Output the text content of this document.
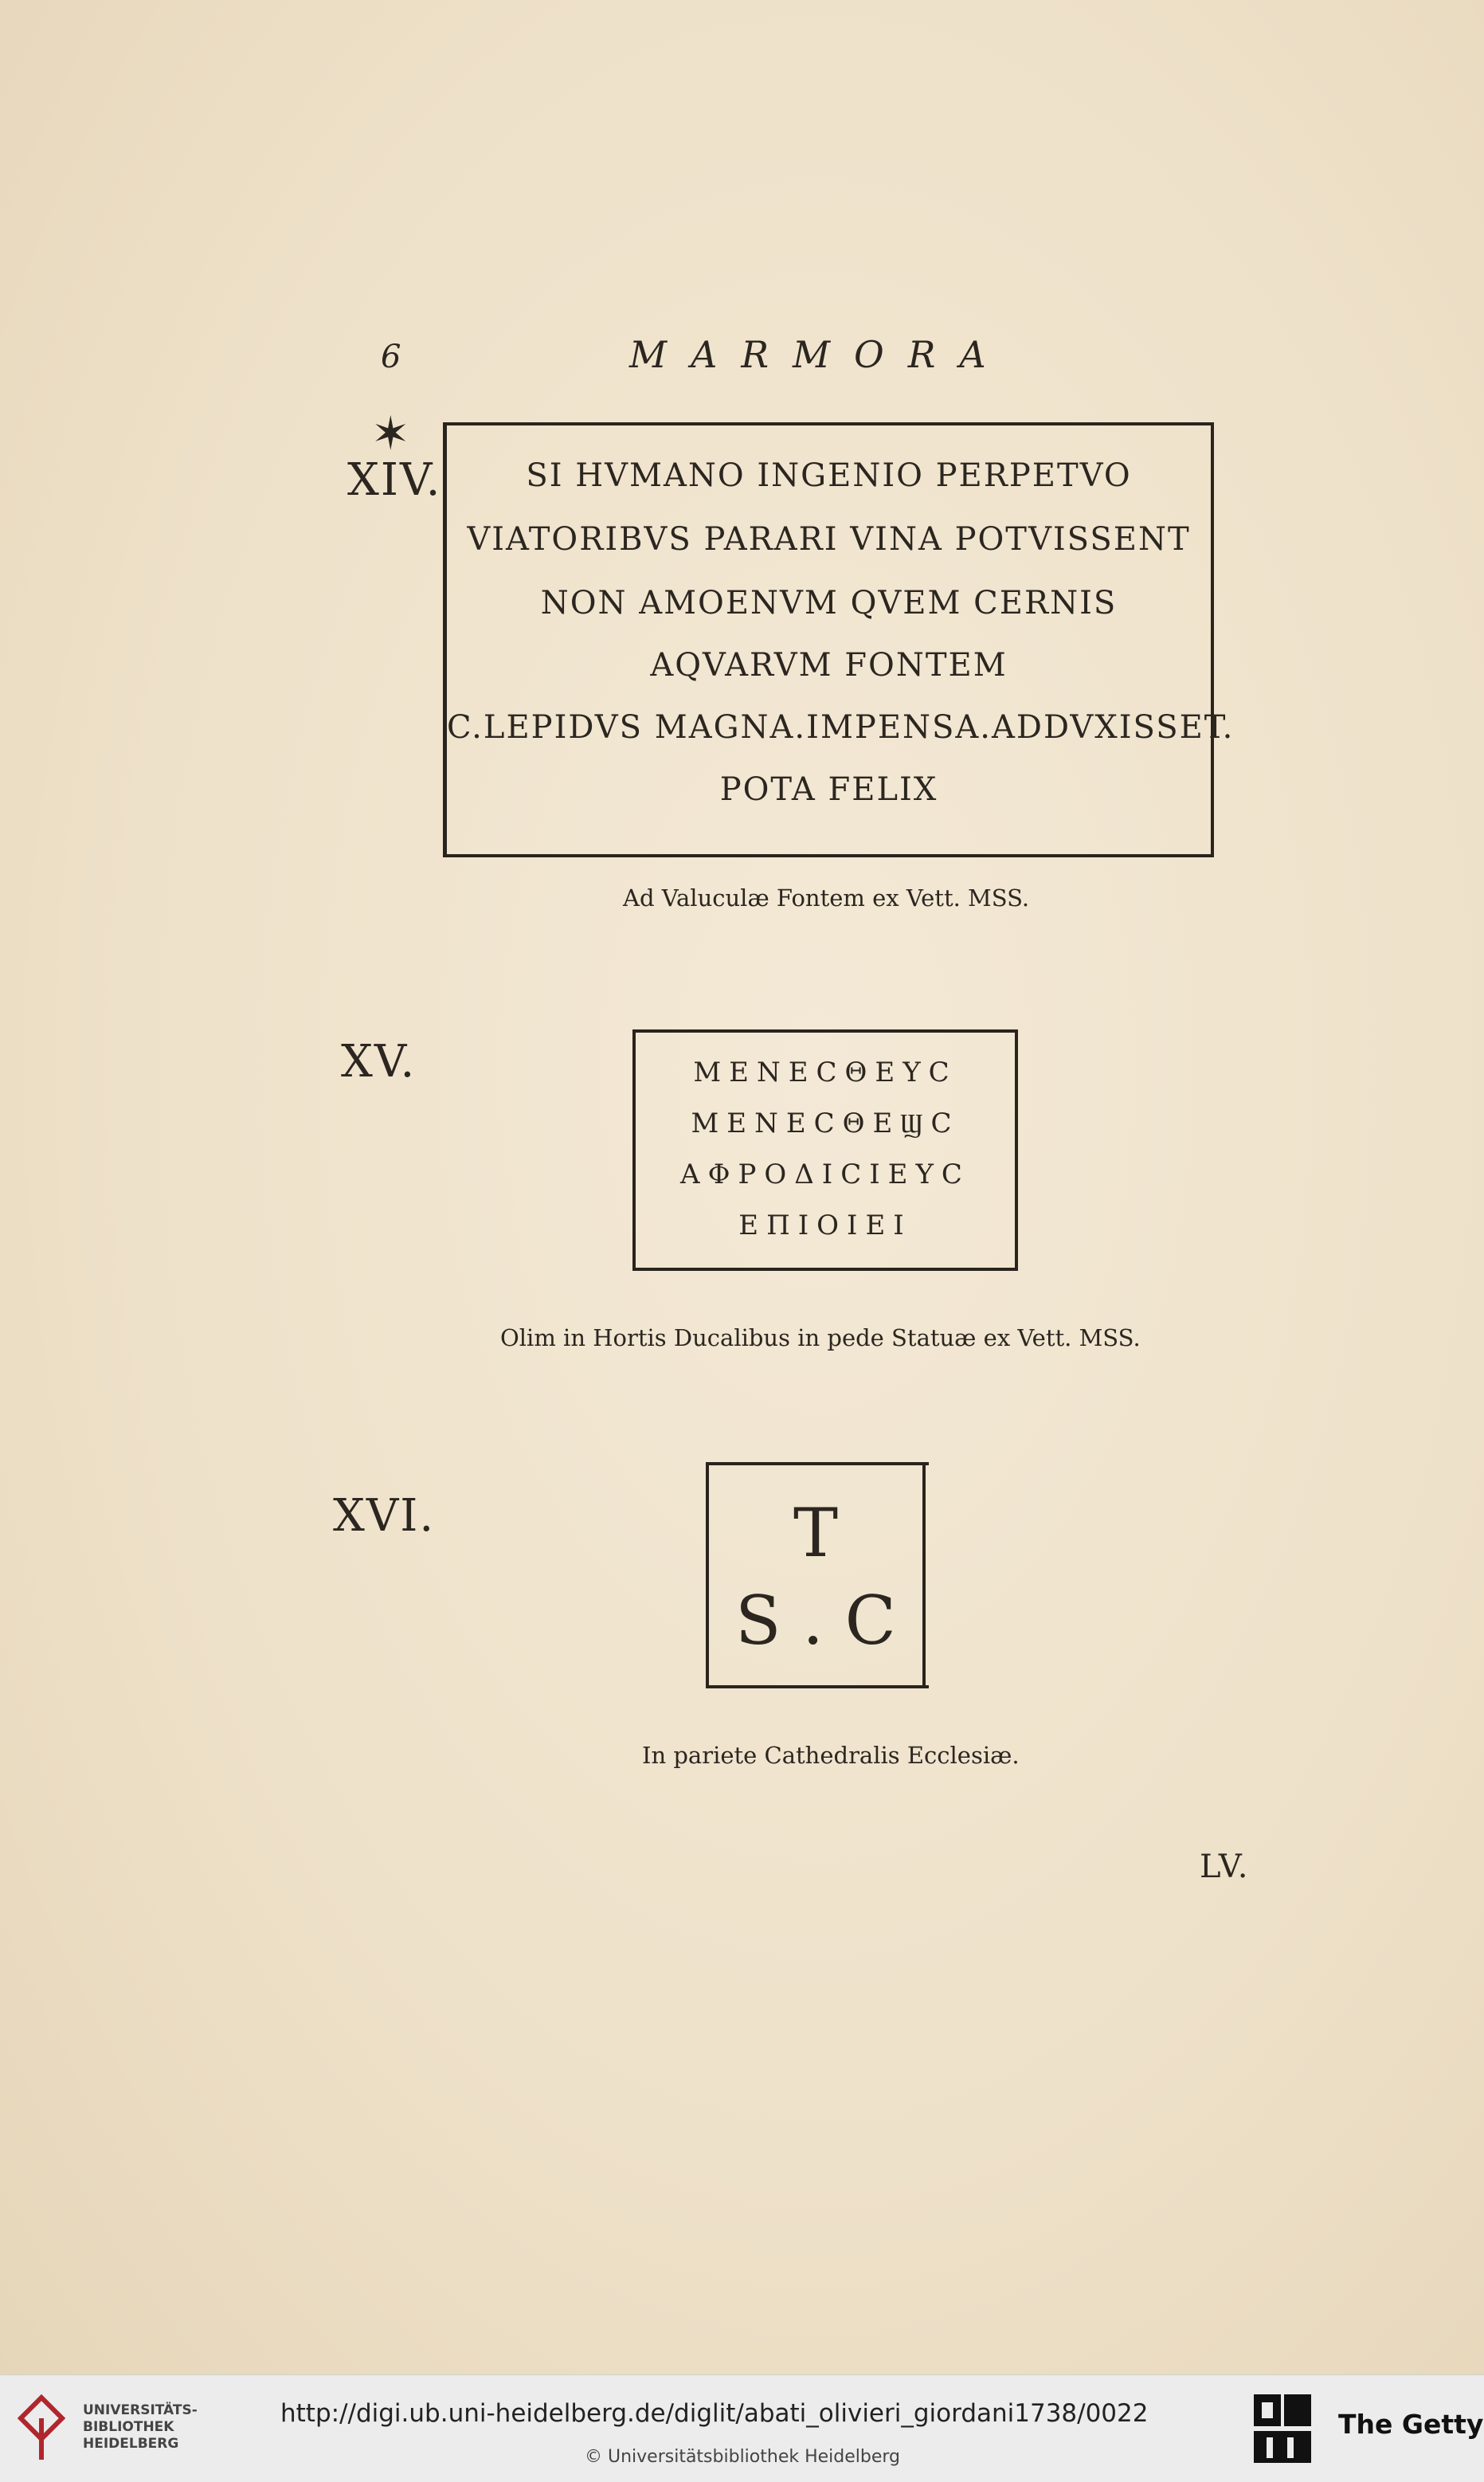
6	MARMORA
✶
XIV.	SI HVMANO INGENIO PERPETVO
VIATORIBVS PARARI VINA POTVISSENT
NON AMOENVM QVEM CERNIS
AQVARVM FONTEM
C.LEPIDVS MAGNA.IMPENSA.ADDVXISSET.
POTA FELIX
Ad Valuculæ Fontem ex Vett. MSS.
XV.	ΜΕΝΕϹΘΕΥϹ
ΜΕΝΕϹΘΕϢϹ
ΑΦΡΟΔΙϹΙΕΥϹ
ΕΠΙΟΙΕΙ
Olim in Hortis Ducalibus in pede Statuæ ex Vett. MSS.
XVI.	T
S . C
In pariete Cathedralis Ecclesiæ.
LV.
UNIVERSITÄTS-
BIBLIOTHEK
HEIDELBERG
http://digi.ub.uni-heidelberg.de/diglit/abati_olivieri_giordani1738/0022
© Universitätsbibliothek Heidelberg
The Getty
